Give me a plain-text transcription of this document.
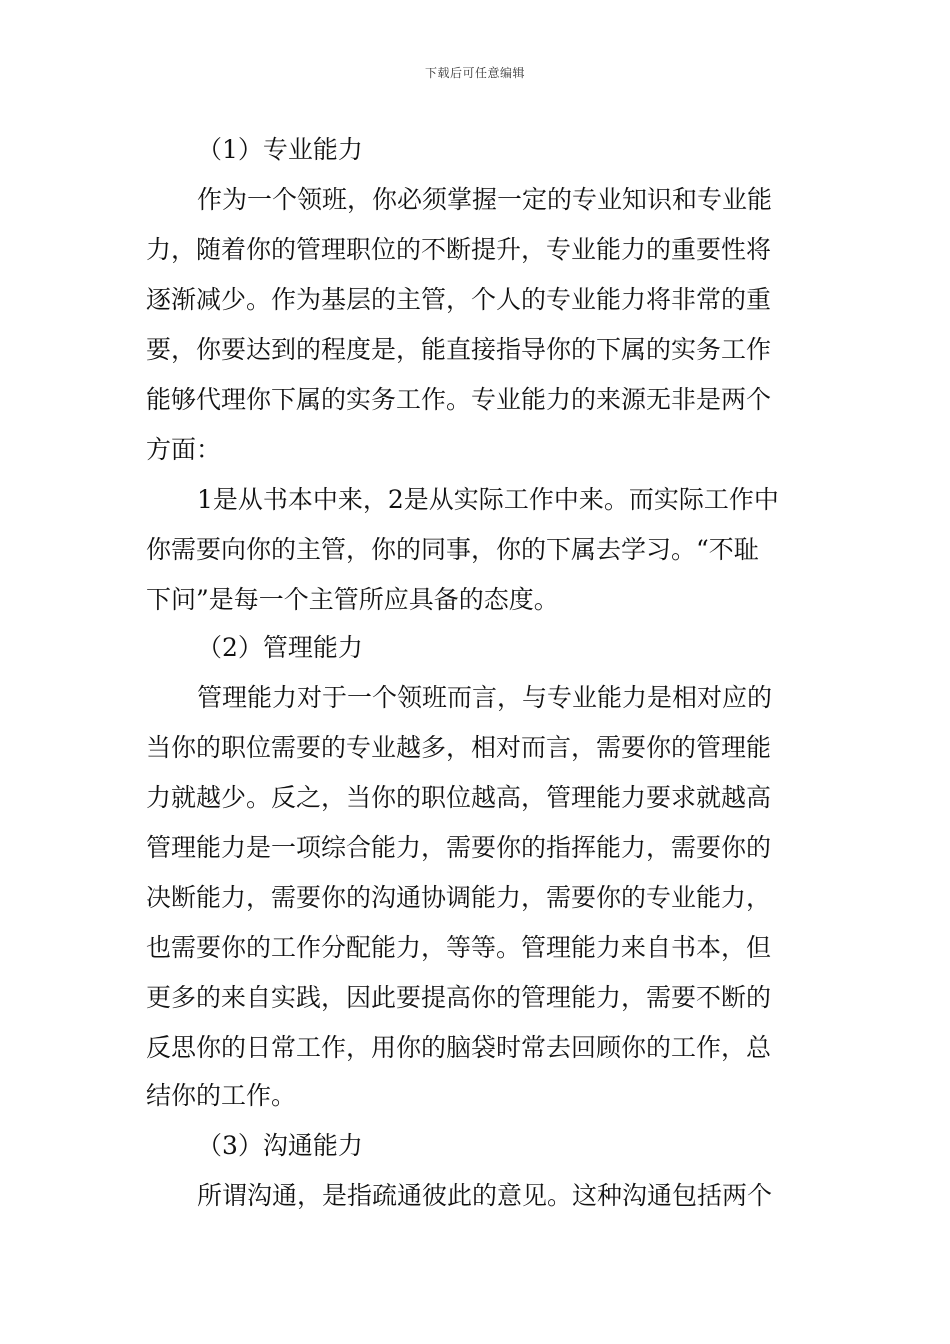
下载后可任意编辑
（1）专业能力
作为一个领班，你必须掌握一定的专业知识和专业能
力，随着你的管理职位的不断提升，专业能力的重要性将
逐渐减少。作为基层的主管，个人的专业能力将非常的重
要，你要达到的程度是，能直接指导你的下属的实务工作
能够代理你下属的实务工作。专业能力的来源无非是两个
方面：
1是从书本中来，2是从实际工作中来。而实际工作中
你需要向你的主管，你的同事，你的下属去学习。“不耻
下问”是每一个主管所应具备的态度。
（2）管理能力
管理能力对于一个领班而言，与专业能力是相对应的
当你的职位需要的专业越多，相对而言，需要你的管理能
力就越少。反之，当你的职位越高，管理能力要求就越高
管理能力是一项综合能力，需要你的指挥能力，需要你的
决断能力，需要你的沟通协调能力，需要你的专业能力，
也需要你的工作分配能力，等等。管理能力来自书本，但
更多的来自实践，因此要提高你的管理能力，需要不断的
反思你的日常工作，用你的脑袋时常去回顾你的工作，总
结你的工作。
（3）沟通能力
所谓沟通，是指疏通彼此的意见。这种沟通包括两个
